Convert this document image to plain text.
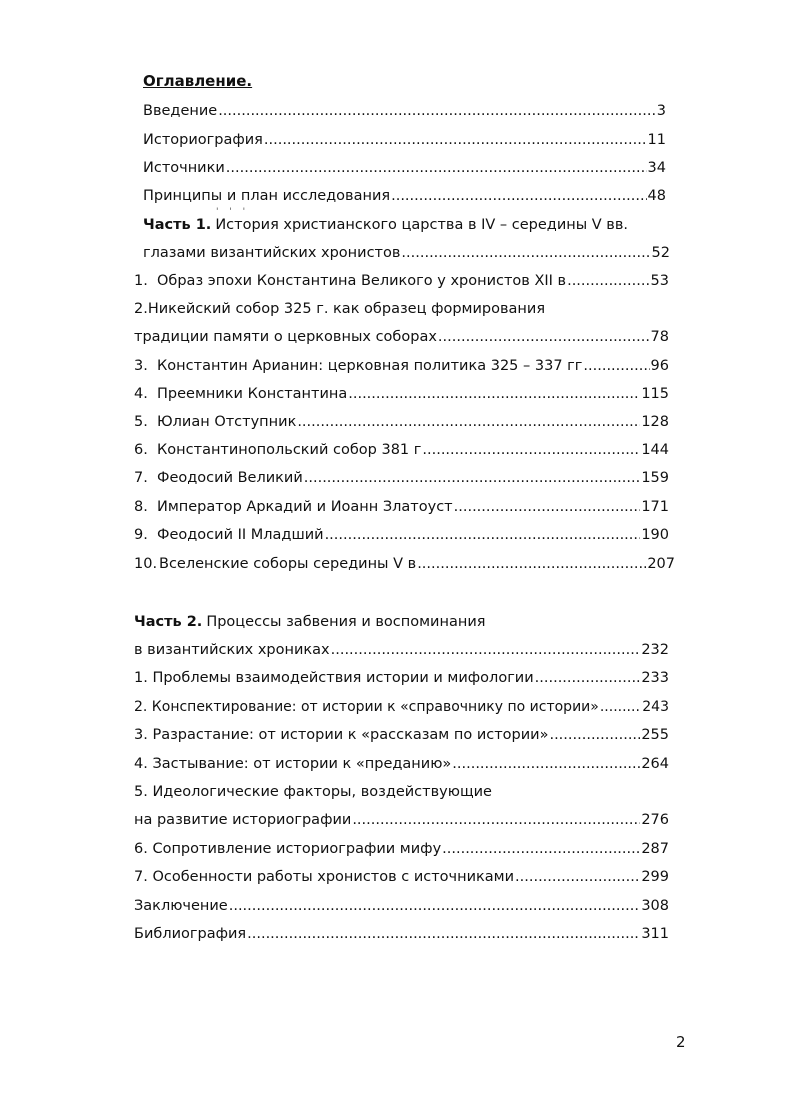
Оглавление.
Введение .....	3
Историография .....	11
Источники .....	34
Принципы и план исследования .....	48
' ' '
Часть 1. История христианского царства в IV – середины V вв.
глазами византийских хронистов .....	52
1. Образ эпохи Константина Великого у хронистов XII в .....	53
2.Никейский собор 325 г. как образец формирования
традиции памяти о церковных соборах .....	78
3. Константин Арианин: церковная политика 325 – 337 гг .....	96
4. Преемники Константина .....	115
5. Юлиан Отступник .....	128
6. Константинопольский собор 381 г .....	144
7. Феодосий Великий .....	159
8. Император Аркадий и Иоанн Златоуст .....	171
9. Феодосий II Младший .....	190
10. Вселенские соборы середины V в .....	207
Часть 2. Процессы забвения и воспоминания
в византийских хрониках .....	232
1. Проблемы взаимодействия истории и мифологии .....	233
2. Конспектирование: от истории к «справочнику по истории» .....	243
3. Разрастание: от истории к «рассказам по истории» .....	255
4. Застывание: от истории к «преданию» .....	264
5. Идеологические факторы, воздействующие
на развитие историографии .....	276
6. Сопротивление историографии мифу .....	287
7. Особенности работы хронистов с источниками .....	299
Заключение .....	308
Библиография .....	311
2
